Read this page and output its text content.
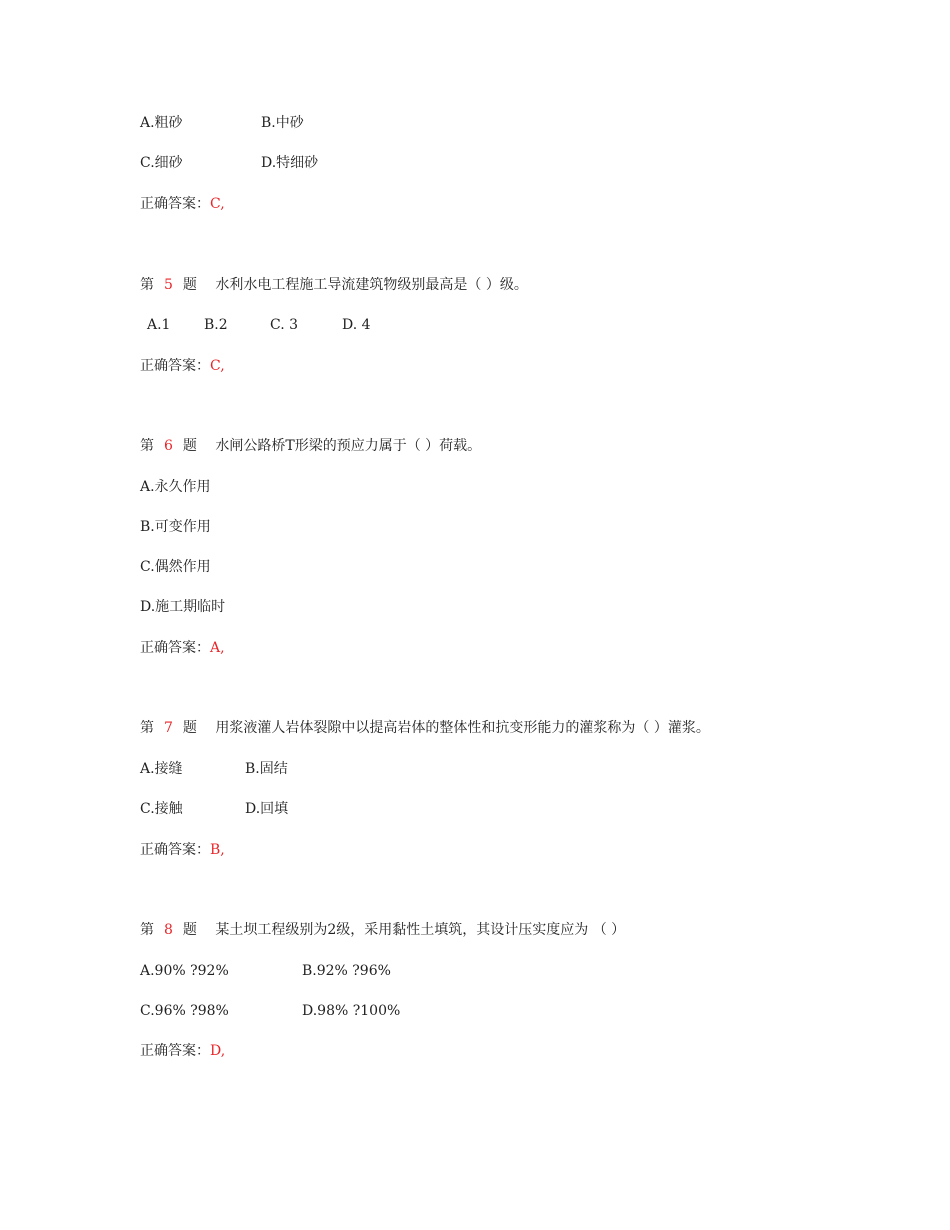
A.粗砂	B.中砂
C.细砂	D.特细砂
正确答案：C,
第 5 题 水利水电工程施工导流建筑物级别最高是（ ）级。
A.1 B.2	C. 3	D. 4
正确答案：C,
第 6 题 水闸公路桥T形梁的预应力属于（ ）荷载。
A.永久作用
B.可变作用
C.偶然作用
D.施工期临时
正确答案：A,
第 7 题 用浆液灌人岩体裂隙中以提高岩体的整体性和抗变形能力的灌浆称为（ ）灌浆。
A.接缝	B.固结
C.接触	D.回填
正确答案：B,
第 8 题 某土坝工程级别为2级，采用黏性土填筑，其设计压实度应为 （ ）
A.90% ?92%	B.92% ?96%
C.96% ?98%	D.98% ?100%
正确答案：D,
